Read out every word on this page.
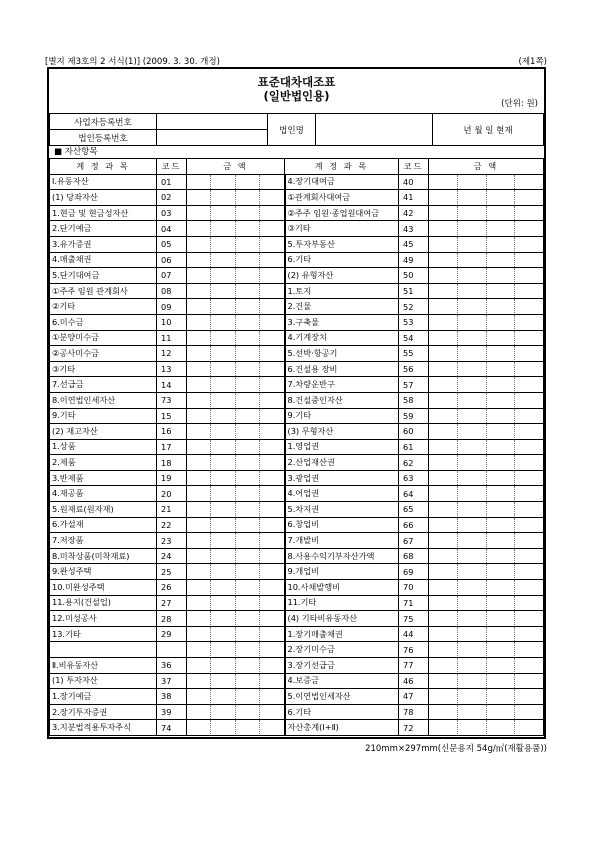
[별지 제3호의 2 서식(1)] (2009. 3. 30. 개정)	(제1쪽)
표준대차대조표
(일반법인용)
(단위: 원)
사업자등록번호		법인명		년 월 일 현재
법인등록번호				
■ 자산항목
계 정 과 목	코드	금 액	계 정 과 목	코드	금 액
Ⅰ.유동자산	01		4.장기대여금	40	

(1) 당좌자산	02		①관계회사대여금	41	

1.현금 및 현금성자산	03		②주주 임원·종업원대여금	42	

2.단기예금	04		③기타	43	

3.유가증권	05		5.투자부동산	45	

4.매출채권	06		6.기타	49	

5.단기대여금	07		(2) 유형자산	50	

①주주 임원 관계회사	08		1.토지	51	

②기타	09		2.건물	52	

6.미수금	10		3.구축물	53	

①분양미수금	11		4.기계장치	54	

②공사미수금	12		5.선박·항공기	55	

③기타	13		6.건설용 장비	56	

7.선급금	14		7.차량운반구	57	

8.이연법인세자산	73		8.건설중인자산	58	

9.기타	15		9.기타	59	

(2) 재고자산	16		(3) 무형자산	60	

1.상품	17		1.영업권	61	

2.제품	18		2.산업재산권	62	

3.반제품	19		3.광업권	63	

4.재공품	20		4.어업권	64	

5.원재료(원자재)	21		5.차지권	65	

6.가설재	22		6.창업비	66	

7.저장품	23		7.개발비	67	

8.미착상품(미착재료)	24		8.사용수익기부자산가액	68	

9.완성주택	25		9.개업비	69	

10.미완성주택	26		10.사채발행비	70	

11.용지(건설업)	27		11.기타	71	

12.미성공사	28		(4) 기타비유동자산	75	

13.기타	29		1.장기매출채권	44	

	2.장기미수금	76	

Ⅱ.비유동자산	36		3.장기선급금	77	

(1) 투자자산	37		4.보증금	46	

1.장기예금	38		5.이연법인세자산	47	

2.장기투자증권	39		6.기타	78	

3.지분법적용투자주식	74		자산총계(Ⅰ+Ⅱ)	72	
210mm×297mm(신문용지 54g/㎡(재활용품))
